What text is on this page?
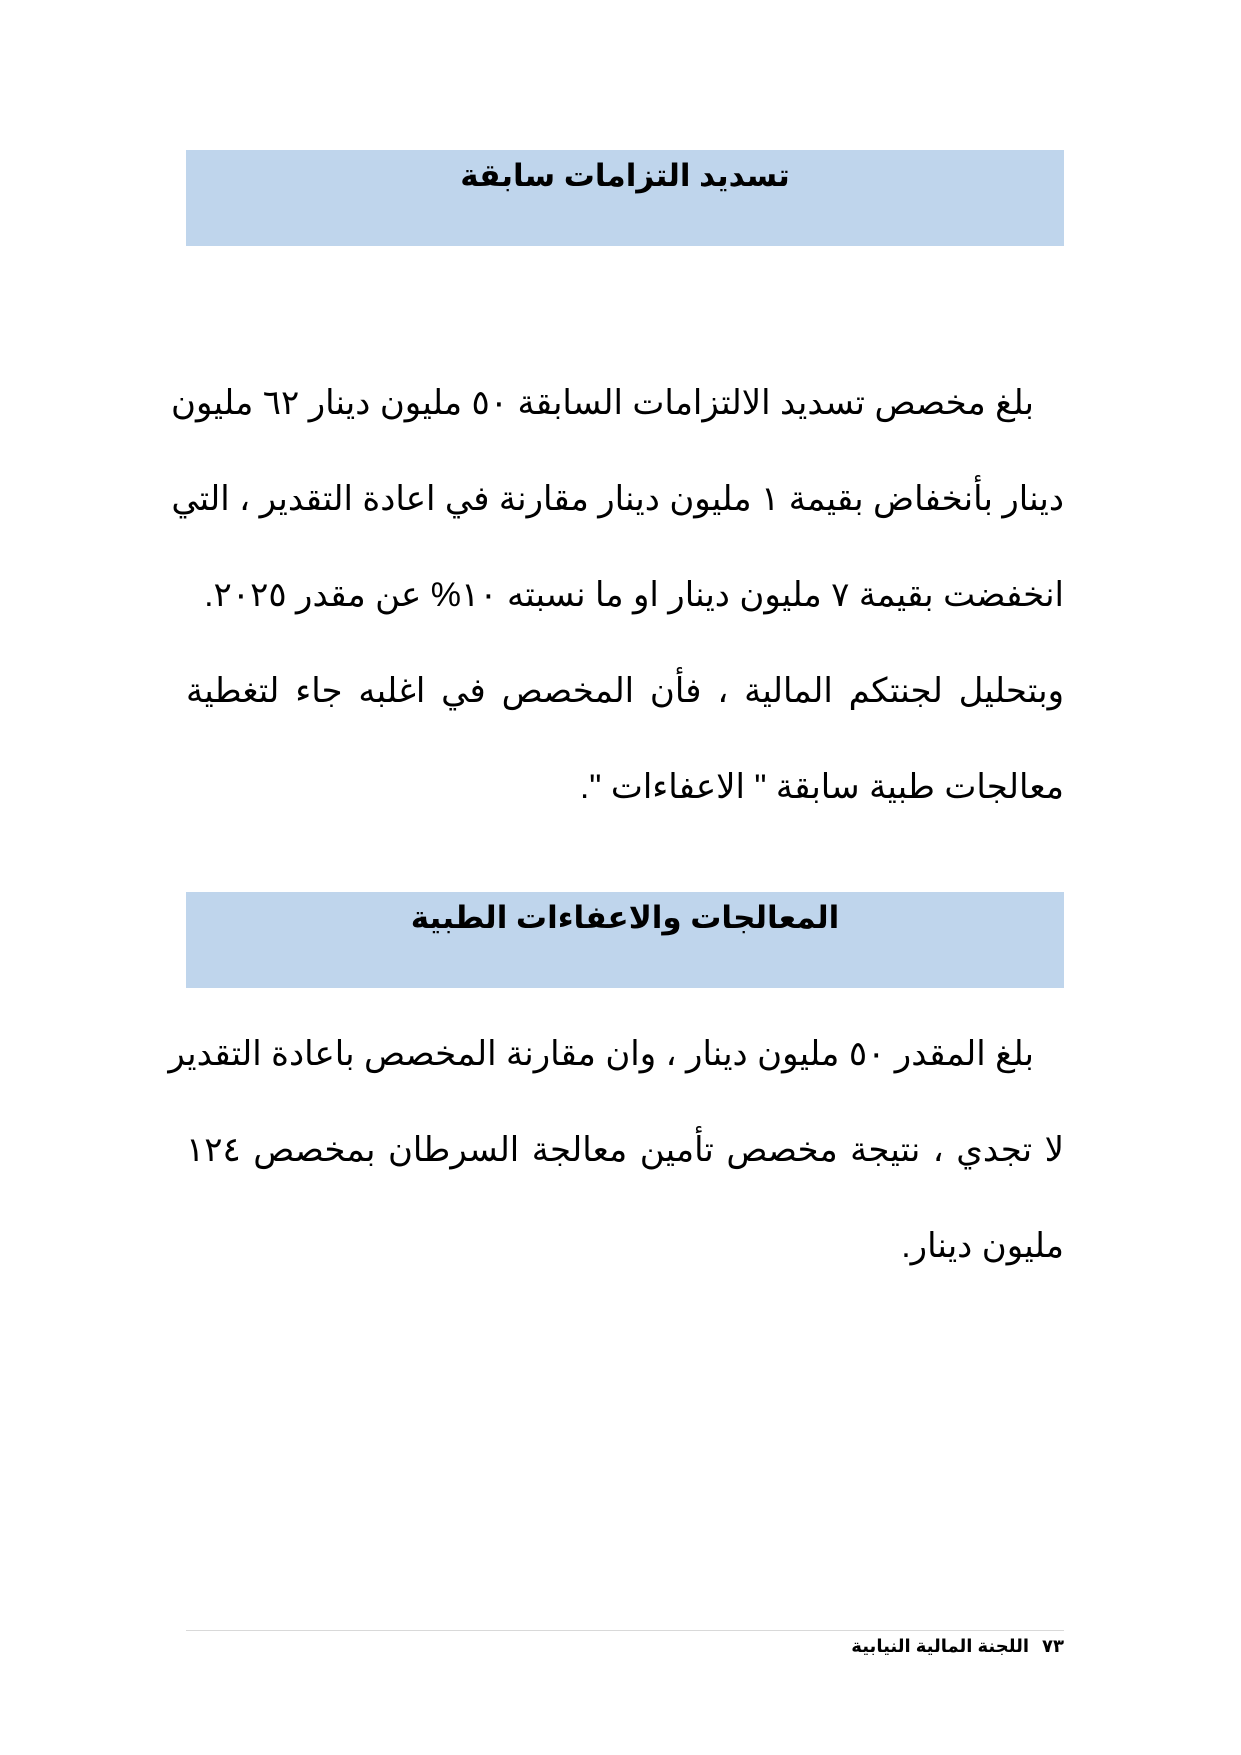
تسديد التزامات سابقة
بلغ مخصص تسديد الالتزامات السابقة ٥٠ مليون دينار ٦٢ مليون
دينار بأنخفاض بقيمة ١ مليون دينار مقارنة في اعادة التقدير ، التي
انخفضت بقيمة ٧ مليون دينار او ما نسبته ١٠% عن مقدر ٢٠٢٥.
وبتحليل لجنتكم المالية ، فأن المخصص في اغلبه جاء لتغطية
معالجات طبية سابقة " الاعفاءات ".
المعالجات والاعفاءات الطبية
بلغ المقدر ٥٠ مليون دينار ، وان مقارنة المخصص باعادة التقدير
لا تجدي ، نتيجة مخصص تأمين معالجة السرطان بمخصص ١٢٤
مليون دينار.
٧٣ اللجنة المالية النيابية
